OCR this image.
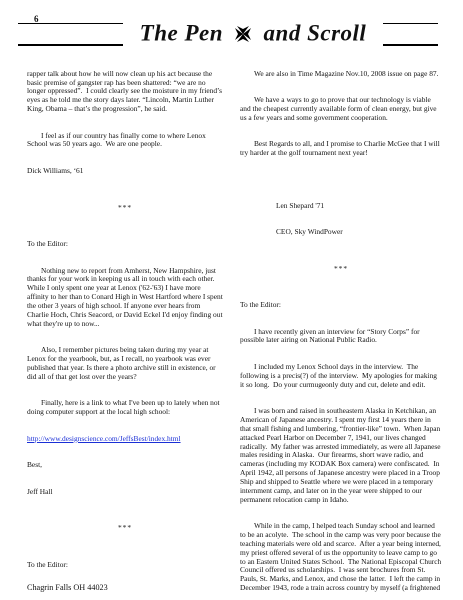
6
The Pen and Scroll

rapper talk about how he will now clean up his act because the basic premise of gangster rap has been shattered: “we are no longer oppressed”.  I could clearly see the moisture in my friend’s eyes as he told me the story days later. “Lincoln, Martin Luther King, Obama – that’s the progression”, he said.

I feel as if our country has finally come to where Lenox School was 50 years ago.  We are one people.

Dick Williams, ‘61

***

To the Editor:

Nothing new to report from Amherst, New Hampshire, just thanks for your work in keeping us all in touch with each other. While I only spent one year at Lenox ('62-'63) I have more affinity to her than to Conard High in West Hartford where I spent the other 3 years of high school. If anyone ever hears from Charlie Hoch, Chris Seacord, or David Eckel I'd enjoy finding out what they're up to now...

Also, I remember pictures being taken during my year at Lenox for the yearbook, but, as I recall, no yearbook was ever published that year. Is there a photo archive still in existence, or did all of that get lost over the years?

Finally, here is a link to what I've been up to lately when not doing computer support at the local high school:

http://www.designscience.com/JeffsBest/index.html

Best,

Jeff Hall

***

To the Editor:

We are also in Time Magazine Nov.10, 2008 issue on page 87.

We have a ways to go to prove that our technology is viable and the cheapest currently available form of clean energy, but give us a few years and some government cooperation.

Best Regards to all, and I promise to Charlie McGee that I will try harder at the golf tournament next year!

Len Shepard '71

CEO, Sky WindPower

***

To the Editor:

I have recently given an interview for “Story Corps” for possible later airing on National Public Radio.

I included my Lenox School days in the interview.  The following is a precis(?) of the interview.  My apologies for making it so long.  Do your curmugeonly duty and cut, delete and edit.

I was born and raised in southeastern Alaska in Ketchikan, an American of Japanese ancestry. I spent my first 14 years there in that small fishing and lumbering, “frontier-like” town.  When Japan attacked Pearl Harbor on December 7, 1941, our lives changed radically.  My father was arrested immediately, as were all Japanese males residing in Alaska.  Our firearms, short wave radio, and cameras (including my KODAK Box camera) were confiscated.  In April 1942, all persons of Japanese ancestry were placed in a Troop Ship and shipped to Seattle where we were placed in a temporary internment camp, and later on in the year were shipped to our permanent relocation camp in Idaho.

While in the camp, I helped teach Sunday school and learned to be an acolyte.  The school in the camp was very poor because the teaching materials were old and scarce.  After a year being interned, my priest offered several of us the opportunity to leave camp to go to an Eastern United States School.  The National Episcopal Church Council offered us scholarships.  I was sent brochures from St. Pauls, St. Marks, and Lenox, and chose the latter.  I left the camp in December 1943, rode a train across country by myself (a frightened

Chagrin Falls OH 44023
